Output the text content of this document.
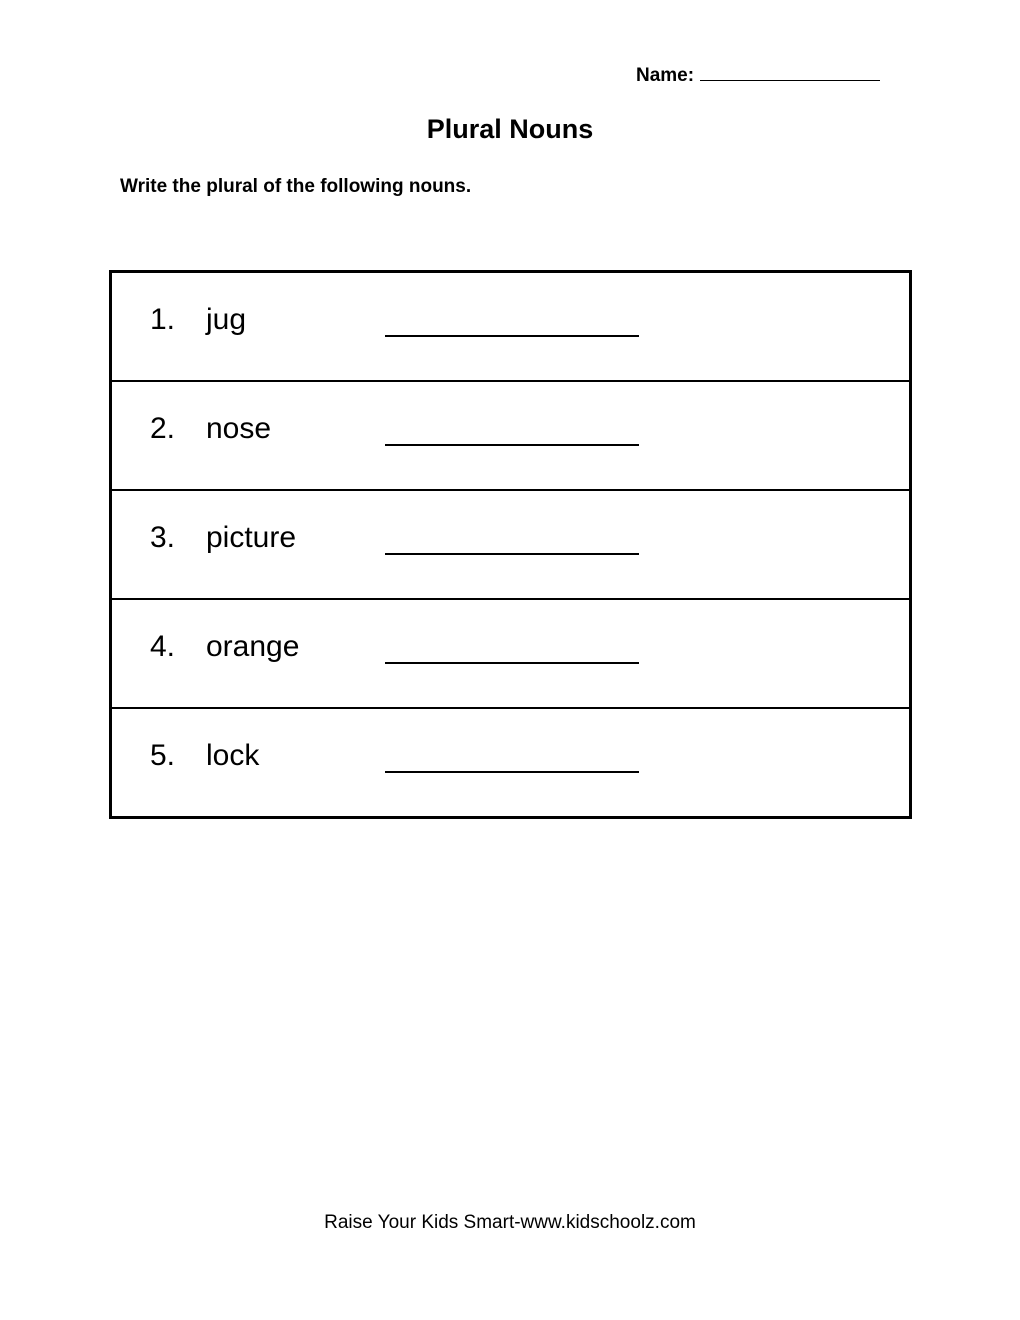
Name:
Plural Nouns
Write the plural of the following nouns.
1. jug
2. nose
3. picture
4. orange
5. lock
Raise Your Kids Smart-www.kidschoolz.com
